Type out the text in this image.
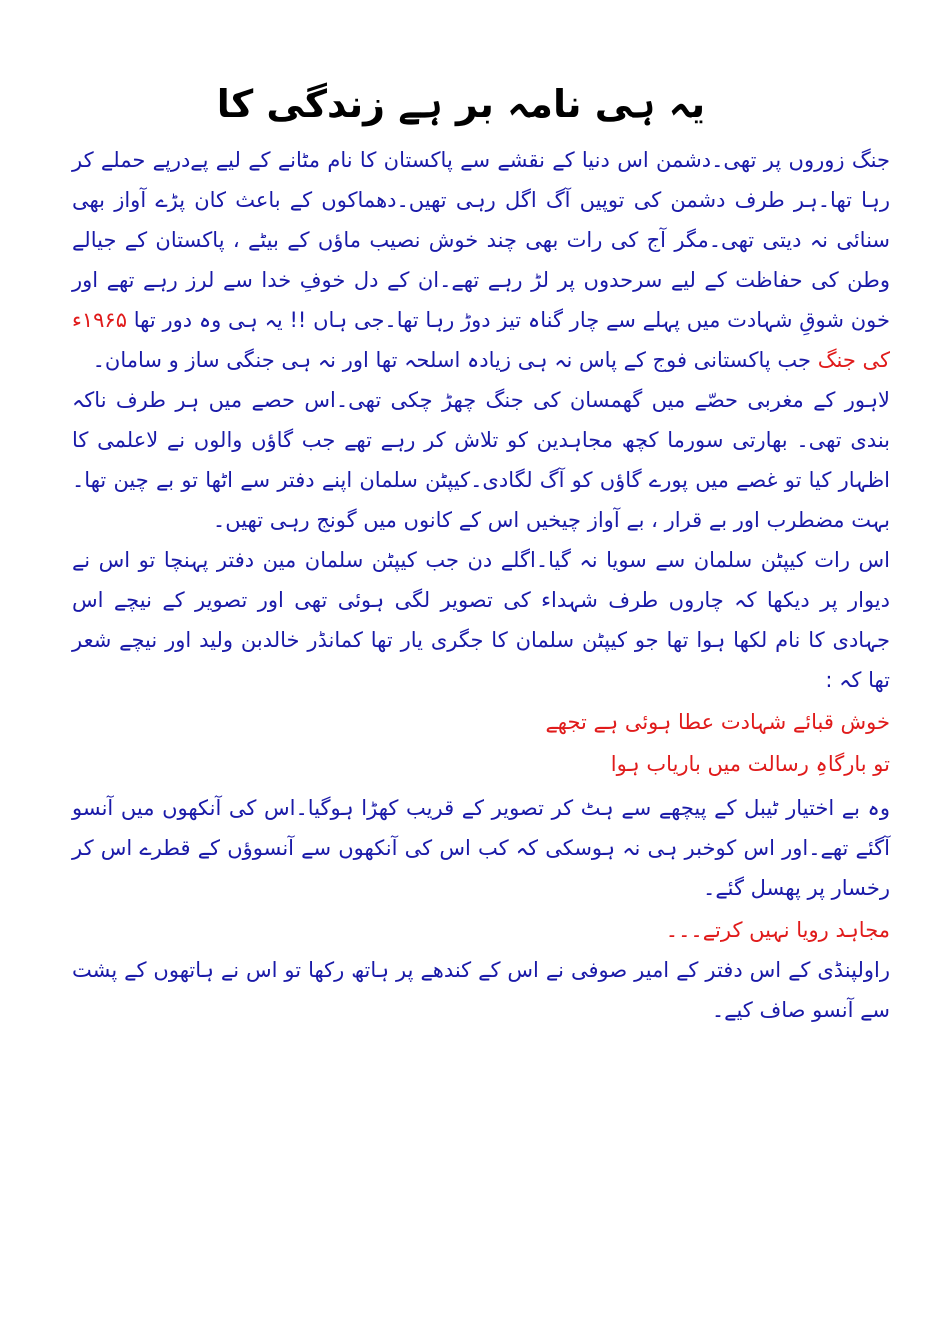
یہ ہی نامہ بر ہے زندگی کا

جنگ زوروں پر تھی۔دشمن اس دنیا کے نقشے سے پاکستان کا نام مٹانے کے لیے پےدرپے حملے کر رہا تھا۔ہر طرف دشمن کی توپیں آگ اگل رہی تھیں۔دھماکوں کے باعث کان پڑے آواز بھی سنائی نہ دیتی تھی۔مگر آج کی رات بھی چند خوش نصیب ماؤں کے بیٹے ، پاکستان کے جیالے وطن کی حفاظت کے لیے سرحدوں پر لڑ رہے تھے۔ان کے دل خوفِ خدا سے لرز رہے تھے اور خون شوقِ شہادت میں پہلے سے چار گناہ تیز دوڑ رہا تھا۔جی ہاں !! یہ ہی وہ دور تھا ۱۹۶۵ء کی جنگ جب پاکستانی فوج کے پاس نہ ہی زیادہ اسلحہ تھا اور نہ ہی جنگی ساز و سامان۔

لاہور کے مغربی حصّے میں گھمسان کی جنگ چھڑ چکی تھی۔اس حصے میں ہر طرف ناکہ بندی تھی۔ بھارتی سورما کچھ مجاہدین کو تلاش کر رہے تھے جب گاؤں والوں نے لاعلمی کا اظہار کیا تو غصے میں پورے گاؤں کو آگ لگادی۔کیپٹن سلمان اپنے دفتر سے اٹھا تو بے چین تھا۔بہت مضطرب اور بے قرار ، بے آواز چیخیں اس کے کانوں میں گونج رہی تھیں۔

اس رات کیپٹن سلمان سے سویا نہ گیا۔اگلے دن جب کیپٹن سلمان مین دفتر پہنچا تو اس نے دیوار پر دیکھا کہ چاروں طرف شہداء کی تصویر لگی ہوئی تھی اور تصویر کے نیچے اس جہادی کا نام لکھا ہوا تھا جو کیپٹن سلمان کا جگری یار تھا کمانڈر خالدبن ولید اور نیچے شعر تھا کہ :

خوش قبائے شہادت عطا ہوئی ہے تجھے

تو بارگاہِ رسالت میں باریاب ہوا

وہ بے اختیار ٹیبل کے پیچھے سے ہٹ کر تصویر کے قریب کھڑا ہوگیا۔اس کی آنکھوں میں آنسو آگئے تھے۔اور اس کوخبر ہی نہ ہوسکی کہ کب اس کی آنکھوں سے آنسوؤں کے قطرے اس کر رخسار پر پھسل گئے۔

مجاہد رویا نہیں کرتے۔۔۔

راولپنڈی کے اس دفتر کے امیر صوفی نے اس کے کندھے پر ہاتھ رکھا تو اس نے ہاتھوں کے پشت سے آنسو صاف کیے۔
